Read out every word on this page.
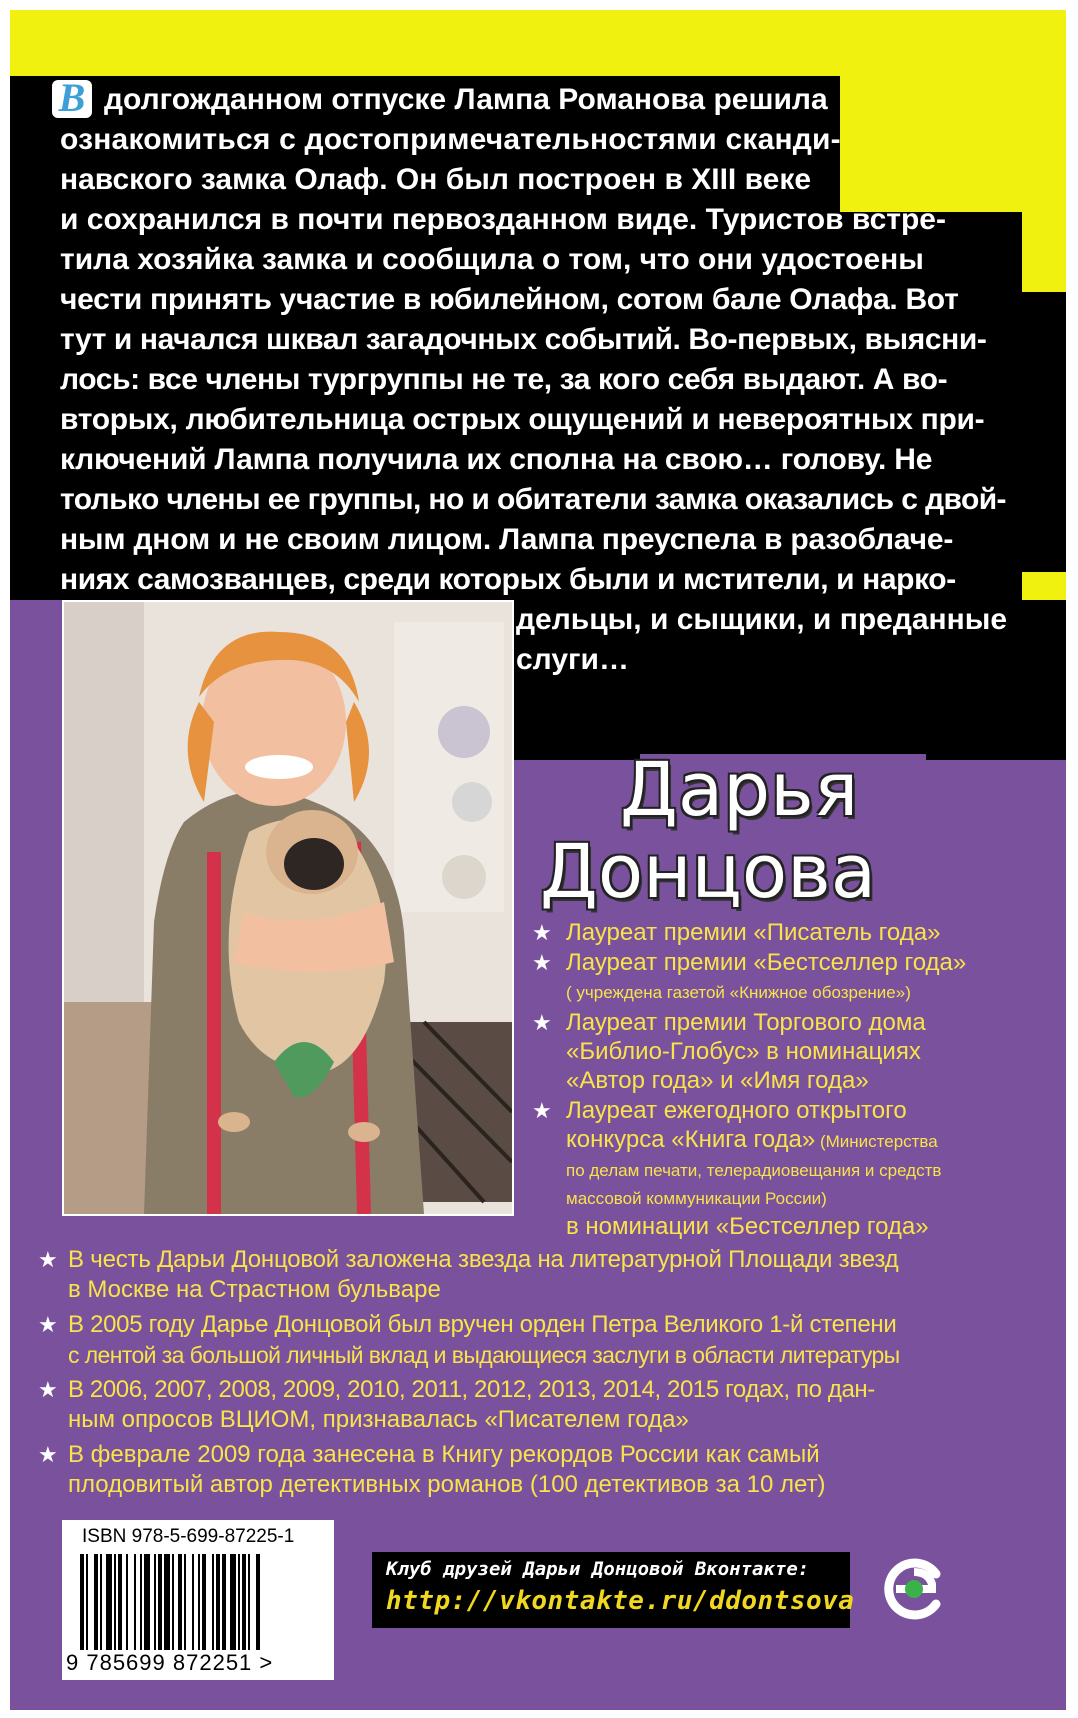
В долгожданном отпуске Лампа Романова решила
ознакомиться с достопримечательностями сканди-
навского замка Олаф. Он был построен в XIII веке
и сохранился в почти первозданном виде. Туристов встре-
тила хозяйка замка и сообщила о том, что они удостоены
чести принять участие в юбилейном, сотом бале Олафа. Вот
тут и начался шквал загадочных событий. Во-первых, выясни-
лось: все члены тургруппы не те, за кого себя выдают. А во-
вторых, любительница острых ощущений и невероятных при-
ключений Лампа получила их сполна на свою… голову. Не
только члены ее группы, но и обитатели замка оказались с двой-
ным дном и не своим лицом. Лампа преуспела в разоблаче-
ниях самозванцев, среди которых были и мстители, и нарко-
дельцы, и сыщики, и преданные
слуги…
Дарья
Донцова
★ Лауреат премии «Писатель года»
★ Лауреат премии «Бестселлер года»
( учреждена газетой «Книжное обозрение»)
★ Лауреат премии Торгового дома
«Библио-Глобус» в номинациях
«Автор года» и «Имя года»
★ Лауреат ежегодного открытого
конкурса «Книга года» (Министерства
по делам печати, телерадиовещания и средств
массовой коммуникации России)
в номинации «Бестселлер года»
★ В честь Дарьи Донцовой заложена звезда на литературной Площади звезд
в Москве на Страстном бульваре
★ В 2005 году Дарье Донцовой был вручен орден Петра Великого 1-й степени
с лентой за большой личный вклад и выдающиеся заслуги в области литературы
★ В 2006, 2007, 2008, 2009, 2010, 2011, 2012, 2013, 2014, 2015 годах, по дан-
ным опросов ВЦИОМ, признавалась «Писателем года»
★ В феврале 2009 года занесена в Книгу рекордов России как самый
плодовитый автор детективных романов (100 детективов за 10 лет)
ISBN 978-5-699-87225-1
9 785699 872251 >
Клуб друзей Дарьи Донцовой Вконтакте:
http://vkontakte.ru/ddontsova
